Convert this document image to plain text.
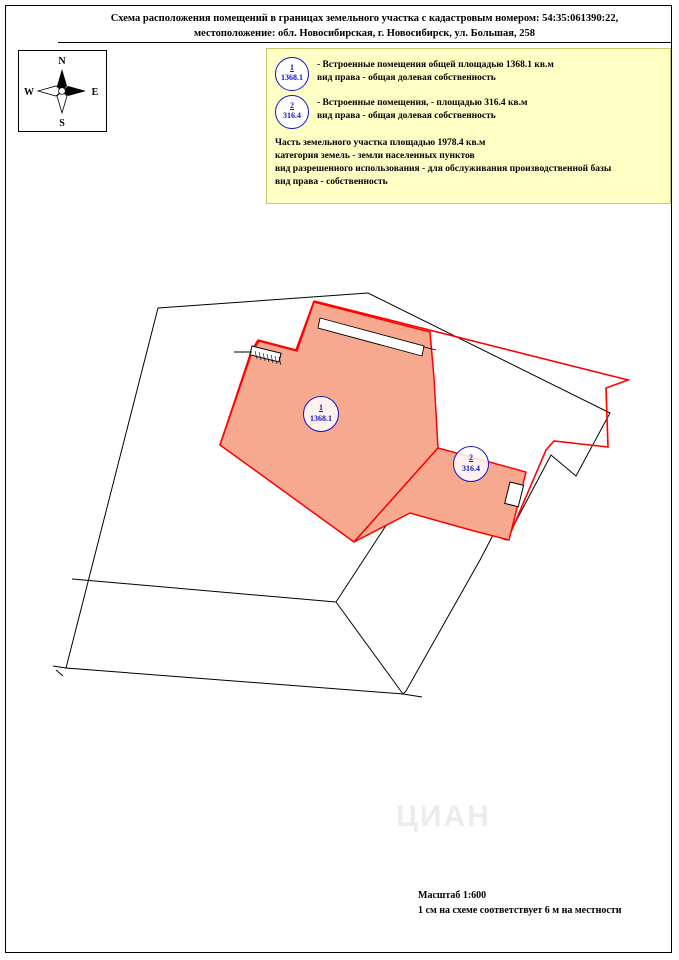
Схема расположения помещений в границах земельного участка с кадастровым номером: 54:35:061390:22,
местоположение: обл. Новосибирская, г. Новосибирск, ул. Большая, 258
N
S
E
W
1
1368.1
- Встроенные помещения общей площадью 1368.1 кв.м
вид права - общая долевая собственность
2
316.4
- Встроенные помещения, - площадью 316.4 кв.м
вид права - общая долевая собственность
Часть земельного участка площадью 1978.4 кв.м
категория земель - земли населенных пунктов
вид разрешенного использования - для обслуживания производственной базы
вид права - собственность
1
1368.1
2
316.4
ЦИАН
Масштаб 1:600
1 см на схеме соответствует 6 м на местности
